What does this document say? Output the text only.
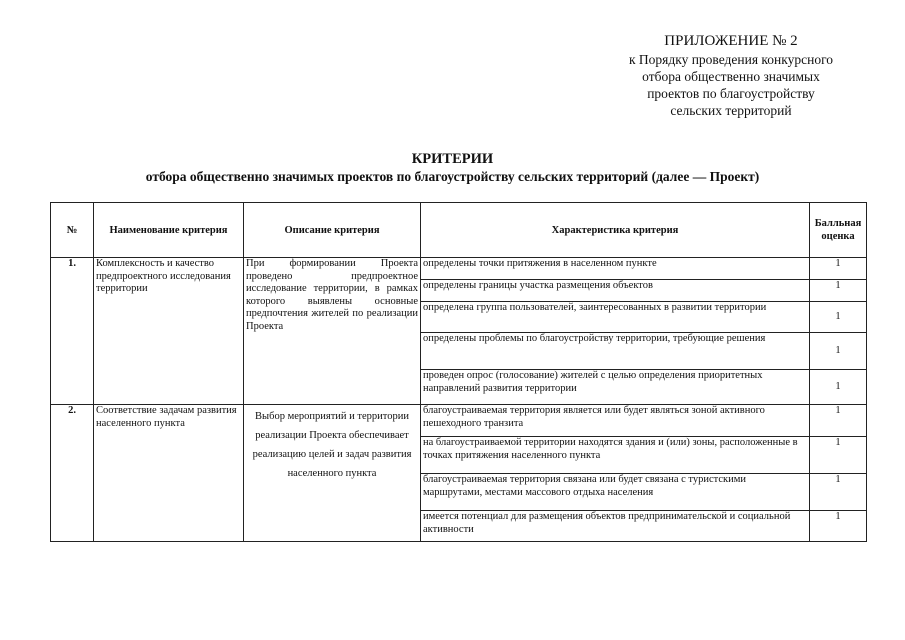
ПРИЛОЖЕНИЕ № 2
к Порядку проведения конкурсного
отбора общественно значимых
проектов по благоустройству
сельских территорий
КРИТЕРИИ
отбора общественно значимых проектов по благоустройству сельских территорий (далее — Проект)
№	Наименование критерия	Описание критерия	Характеристика критерия	Балльная оценка
1.	Комплексность и качество предпроектного исследования территории	При формировании Проекта проведено предпроектное исследование территории, в рамках которого выявлены основные предпочтения жителей по реализации Проекта	определены точки притяжения в населенном пункте	1
			определены границы участка размещения объектов	1
			определена группа пользователей, заинтересованных в развитии территории	1
			определены проблемы по благоустройству территории, требующие решения	1
			проведен опрос (голосование) жителей с целью определения приоритетных направлений развития территории	1
2.	Соответствие задачам развития населенного пункта	Выбор мероприятий и территории реализации Проекта обеспечивает реализацию целей и задач развития населенного пункта	благоустраиваемая территория является или будет являться зоной активного пешеходного транзита	1
			на благоустраиваемой территории находятся здания и (или) зоны, расположенные в точках притяжения населенного пункта	1
			благоустраиваемая территория связана или будет связана с туристскими маршрутами, местами массового отдыха населения	1
			имеется потенциал для размещения объектов предпринимательской и социальной активности	1
